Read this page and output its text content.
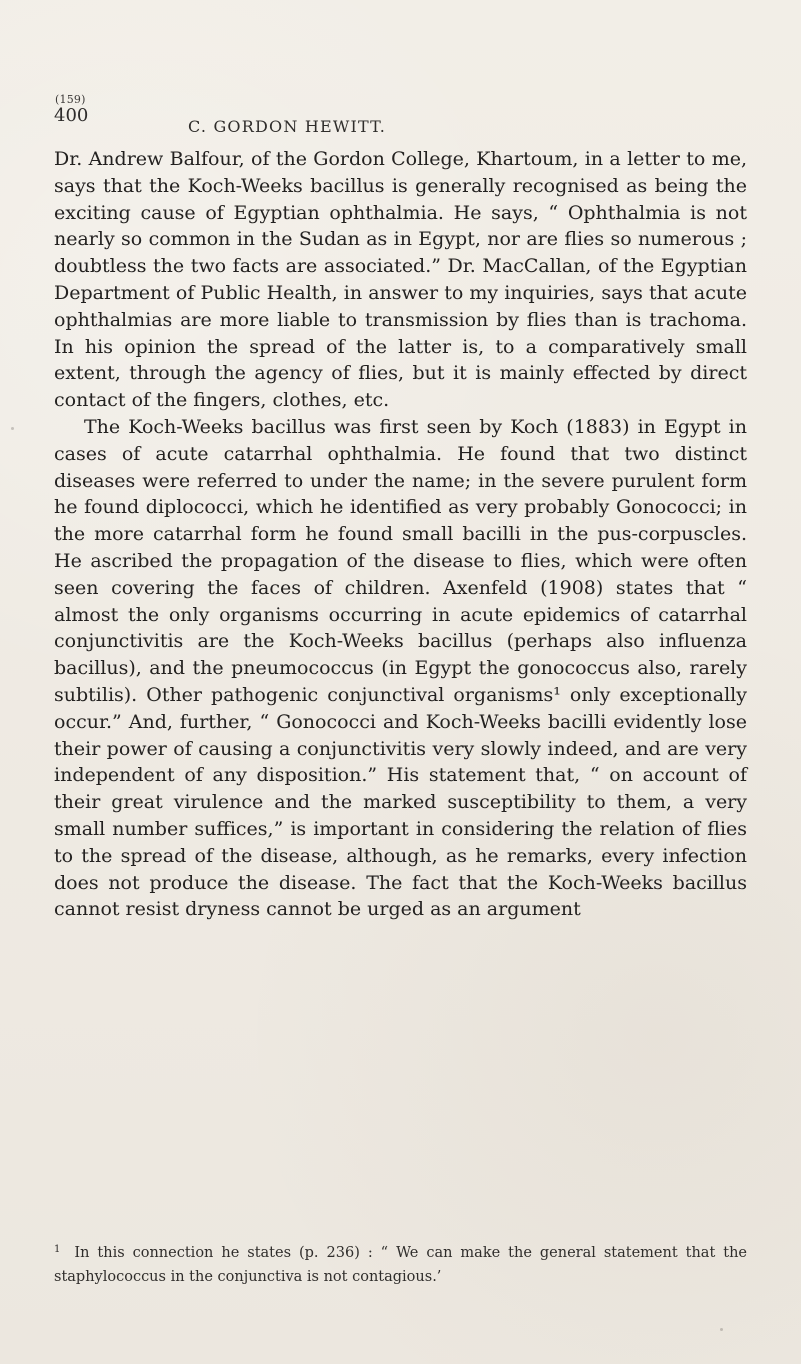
(159)
400
C. GORDON HEWITT.

Dr. Andrew Balfour, of the Gordon College, Khartoum, in a letter to me, says that the Koch-Weeks bacillus is generally recognised as being the exciting cause of Egyptian ophthalmia. He says, “ Ophthalmia is not nearly so common in the Sudan as in Egypt, nor are flies so numerous ; doubtless the two facts are associated.” Dr. MacCallan, of the Egyptian Department of Public Health, in answer to my inquiries, says that acute ophthalmias are more liable to transmission by flies than is trachoma. In his opinion the spread of the latter is, to a comparatively small extent, through the agency of flies, but it is mainly effected by direct contact of the fingers, clothes, etc.

The Koch-Weeks bacillus was first seen by Koch (1883) in Egypt in cases of acute catarrhal ophthalmia. He found that two distinct diseases were referred to under the name; in the severe purulent form he found diplococci, which he identified as very probably Gonococci; in the more catarrhal form he found small bacilli in the pus-corpuscles. He ascribed the propagation of the disease to flies, which were often seen covering the faces of children. Axenfeld (1908) states that “ almost the only organisms occurring in acute epidemics of catarrhal conjunctivitis are the Koch-Weeks bacillus (perhaps also influenza bacillus), and the pneumococcus (in Egypt the gonococcus also, rarely subtilis). Other pathogenic conjunctival organisms¹ only exceptionally occur.” And, further, “ Gonococci and Koch-Weeks bacilli evidently lose their power of causing a conjunctivitis very slowly indeed, and are very independent of any disposition.” His statement that, “ on account of their great virulence and the marked susceptibility to them, a very small number suffices,” is important in considering the relation of flies to the spread of the disease, although, as he remarks, every infection does not produce the disease. The fact that the Koch-Weeks bacillus cannot resist dryness cannot be urged as an argument

$^1$ In this connection he states (p. 236) : “ We can make the general statement that the staphylococcus in the conjunctiva is not contagious.’
